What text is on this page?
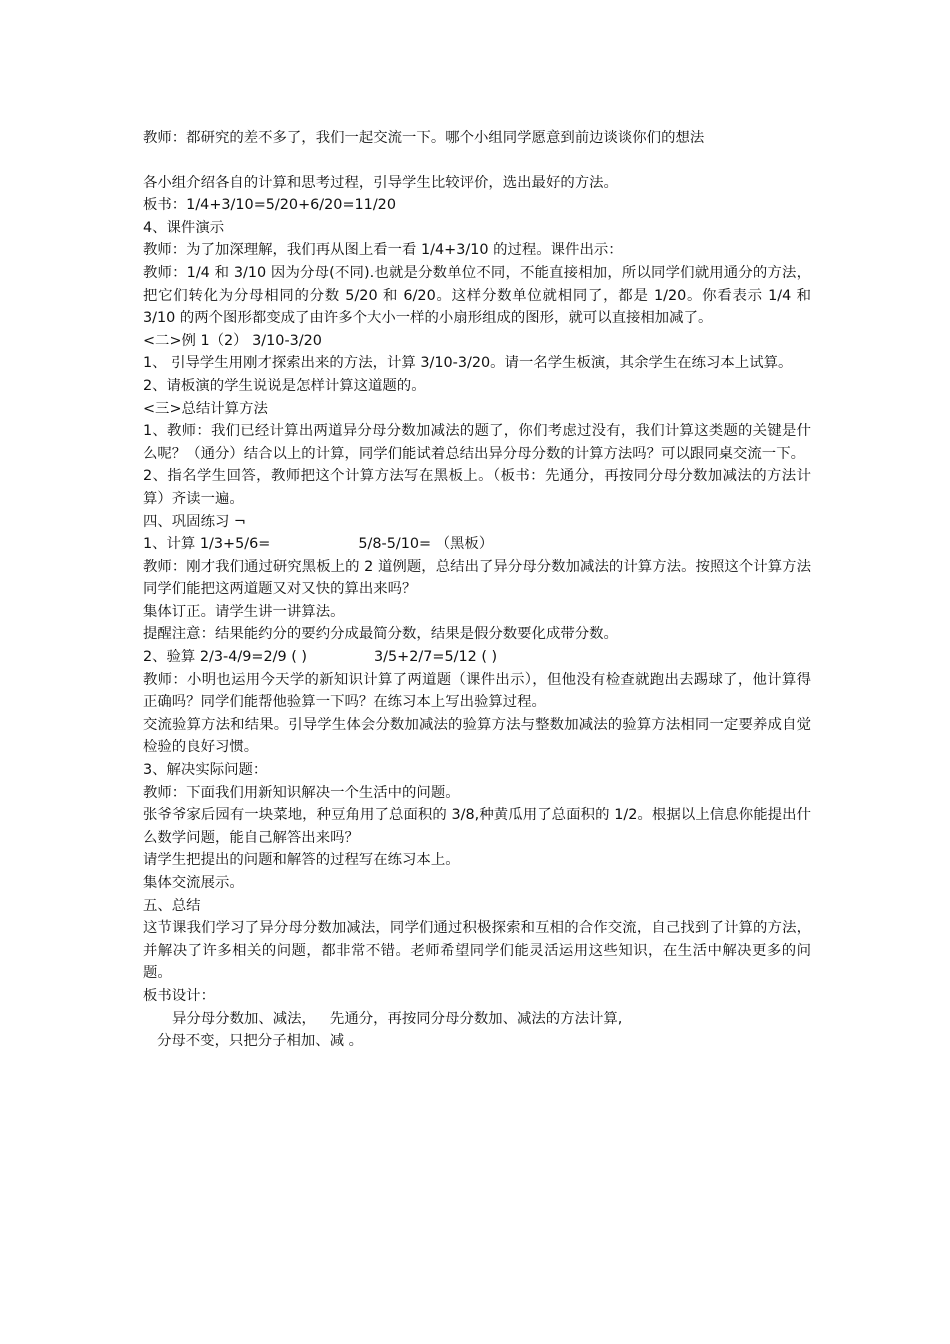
教师：都研究的差不多了，我们一起交流一下。哪个小组同学愿意到前边谈谈你们的想法
各小组介绍各自的计算和思考过程，引导学生比较评价，选出最好的方法。
板书：1/4+3/10=5/20+6/20=11/20
4、课件演示
教师：为了加深理解，我们再从图上看一看 1/4+3/10 的过程。课件出示：
教师：1/4 和 3/10 因为分母(不同).也就是分数单位不同，不能直接相加，所以同学们就用通分的方法，把它们转化为分母相同的分数 5/20 和 6/20。这样分数单位就相同了，都是 1/20。你看表示 1/4 和 3/10 的两个图形都变成了由许多个大小一样的小扇形组成的图形，就可以直接相加减了。
<二>例 1（2） 3/10-3/20
1、 引导学生用刚才探索出来的方法，计算 3/10-3/20。请一名学生板演，其余学生在练习本上试算。
2、请板演的学生说说是怎样计算这道题的。
<三>总结计算方法
1、教师：我们已经计算出两道异分母分数加减法的题了，你们考虑过没有，我们计算这类题的关键是什么呢？（通分）结合以上的计算，同学们能试着总结出异分母分数的计算方法吗？可以跟同桌交流一下。
2、指名学生回答，教师把这个计算方法写在黑板上。（板书：先通分，再按同分母分数加减法的方法计算）齐读一遍。
四、巩固练习 ¬
1、计算 1/3+5/6=	5/8-5/10= （黑板）
教师：刚才我们通过研究黑板上的 2 道例题，总结出了异分母分数加减法的计算方法。按照这个计算方法同学们能把这两道题又对又快的算出来吗？
集体订正。请学生讲一讲算法。
提醒注意：结果能约分的要约分成最简分数，结果是假分数要化成带分数。
2、验算 2/3-4/9=2/9 ( )	3/5+2/7=5/12 ( )
教师：小明也运用今天学的新知识计算了两道题（课件出示），但他没有检查就跑出去踢球了，他计算得正确吗？同学们能帮他验算一下吗？在练习本上写出验算过程。
交流验算方法和结果。引导学生体会分数加减法的验算方法与整数加减法的验算方法相同一定要养成自觉检验的良好习惯。
3、解决实际问题：
教师：下面我们用新知识解决一个生活中的问题。
张爷爷家后园有一块菜地，种豆角用了总面积的 3/8,种黄瓜用了总面积的 1/2。根据以上信息你能提出什么数学问题，能自己解答出来吗？
请学生把提出的问题和解答的过程写在练习本上。
集体交流展示。
五、总结
这节课我们学习了异分母分数加减法，同学们通过积极探索和互相的合作交流，自己找到了计算的方法，并解决了许多相关的问题，都非常不错。老师希望同学们能灵活运用这些知识，在生活中解决更多的问题。
板书设计：
异分母分数加、减法， 先通分，再按同分母分数加、减法的方法计算,
分母不变，只把分子相加、减 。
